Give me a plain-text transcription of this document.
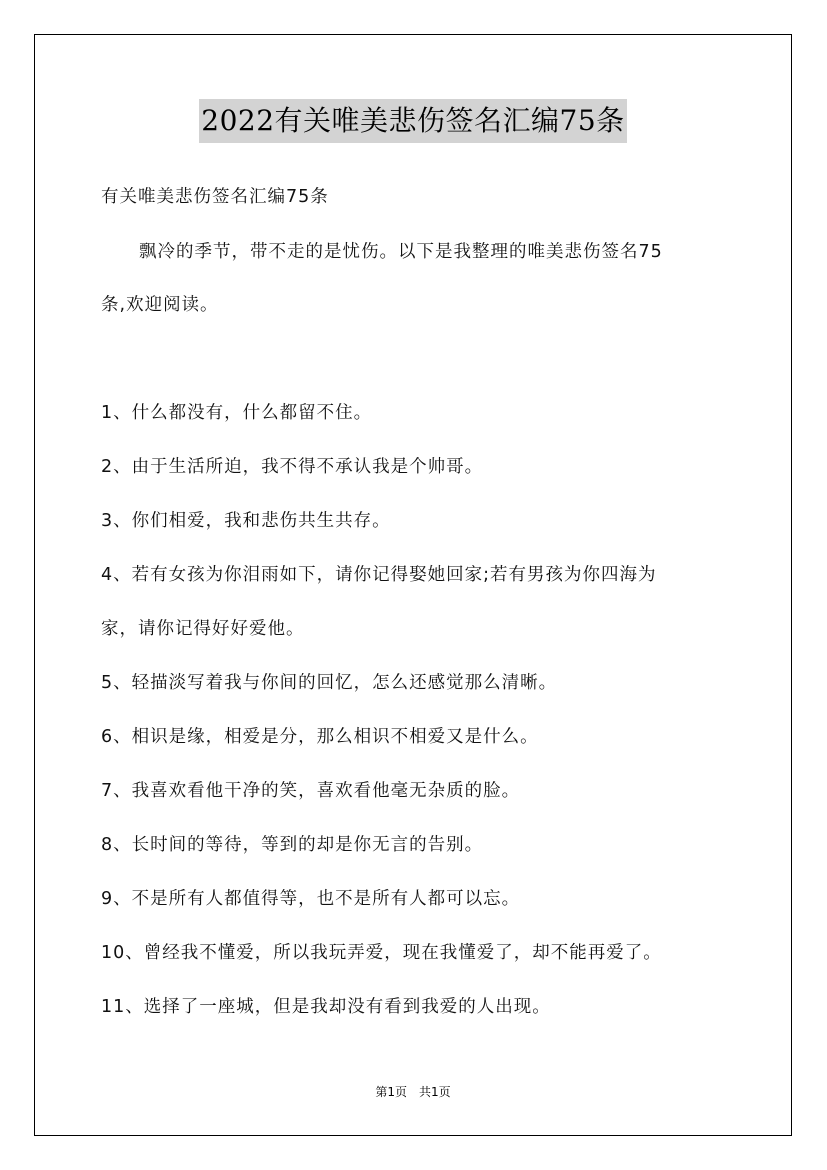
2022有关唯美悲伤签名汇编75条
有关唯美悲伤签名汇编75条
飘冷的季节，带不走的是忧伤。以下是我整理的唯美悲伤签名75
条,欢迎阅读。
1、什么都没有，什么都留不住。
2、由于生活所迫，我不得不承认我是个帅哥。
3、你们相爱，我和悲伤共生共存。
4、若有女孩为你泪雨如下，请你记得娶她回家;若有男孩为你四海为
家，请你记得好好爱他。
5、轻描淡写着我与你间的回忆，怎么还感觉那么清晰。
6、相识是缘，相爱是分，那么相识不相爱又是什么。
7、我喜欢看他干净的笑，喜欢看他毫无杂质的脸。
8、长时间的等待，等到的却是你无言的告别。
9、不是所有人都值得等，也不是所有人都可以忘。
10、曾经我不懂爱，所以我玩弄爱，现在我懂爱了，却不能再爱了。
11、选择了一座城，但是我却没有看到我爱的人出现。
第1页　共1页
